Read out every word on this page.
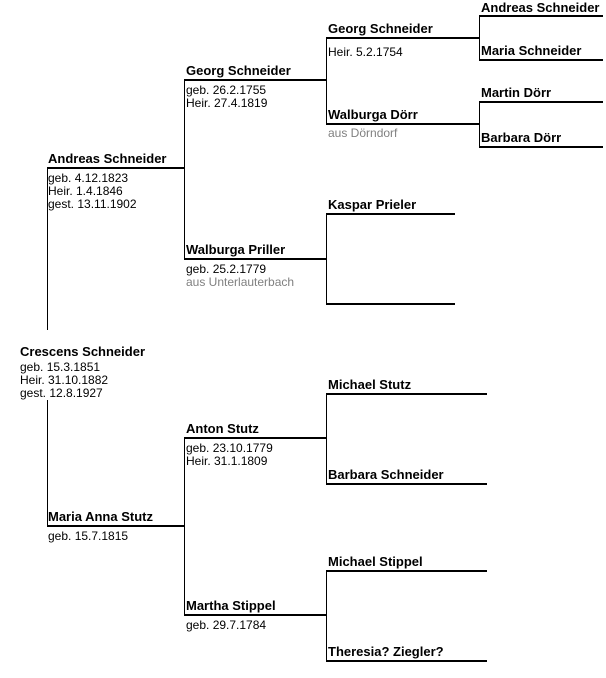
Crescens Schneider
geb. 15.3.1851
Heir. 31.10.1882
gest. 12.8.1927
Andreas Schneider
geb. 4.12.1823
Heir. 1.4.1846
gest. 13.11.1902
Maria Anna Stutz
geb. 15.7.1815
Georg Schneider
geb. 26.2.1755
Heir. 27.4.1819
Walburga Priller
geb. 25.2.1779
aus Unterlauterbach
Anton Stutz
geb. 23.10.1779
Heir. 31.1.1809
Martha Stippel
geb. 29.7.1784
Georg Schneider
Heir. 5.2.1754
Walburga Dörr
aus Dörndorf
Kaspar Prieler
Michael Stutz
Barbara Schneider
Michael Stippel
Theresia? Ziegler?
Andreas Schneider
Maria Schneider
Martin Dörr
Barbara Dörr
